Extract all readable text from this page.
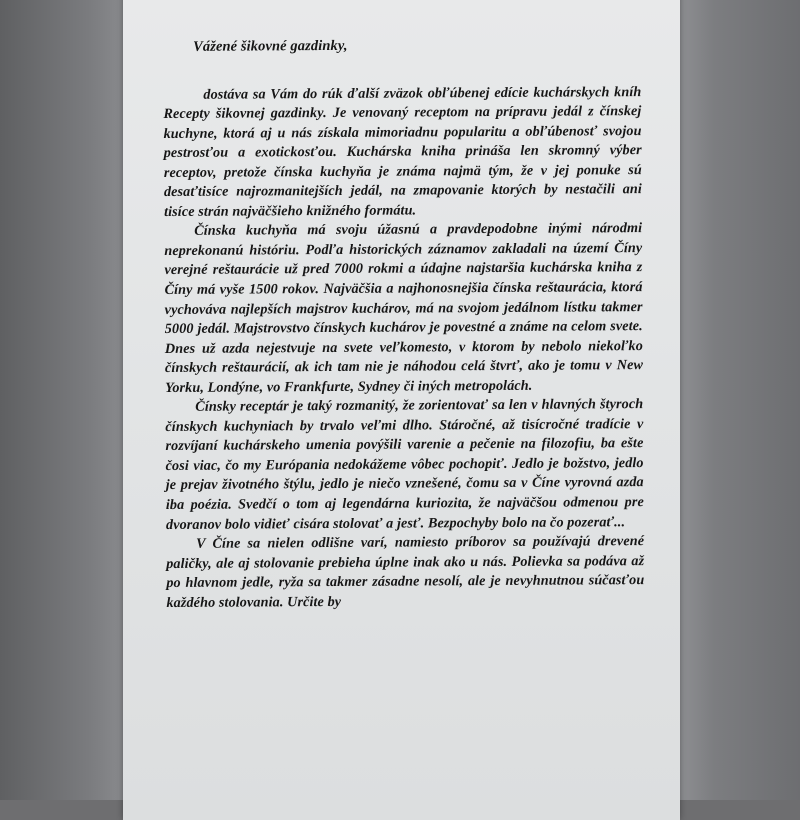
Vážené šikovné gazdinky,

dostáva sa Vám do rúk ďalší zväzok obľúbenej edície kuchárskych kníh Recepty šikovnej gazdinky. Je venovaný receptom na prípravu jedál z čínskej kuchyne, ktorá aj u nás získala mimoriadnu popularitu a obľúbenosť svojou pestrosťou a exotickosťou. Kuchárska kniha prináša len skromný výber receptov, pretože čínska kuchyňa je známa najmä tým, že v jej ponuke sú desaťtisíce najrozmanitejších jedál, na zmapovanie ktorých by nestačili ani tisíce strán najväčšieho knižného formátu.

Čínska kuchyňa má svoju úžasnú a pravdepodobne inými národmi neprekonanú históriu. Podľa historických záznamov zakladali na území Číny verejné reštaurácie už pred 7000 rokmi a údajne najstaršia kuchárska kniha z Číny má vyše 1500 rokov. Najväčšia a najhonosnejšia čínska reštaurácia, ktorá vychováva najlepších majstrov kuchárov, má na svojom jedálnom lístku takmer 5000 jedál. Majstrovstvo čínskych kuchárov je povestné a známe na celom svete. Dnes už azda nejestvuje na svete veľkomesto, v ktorom by nebolo niekoľko čínskych reštaurácií, ak ich tam nie je náhodou celá štvrť, ako je tomu v New Yorku, Londýne, vo Frankfurte, Sydney či iných metropolách.

Čínsky receptár je taký rozmanitý, že zorientovať sa len v hlavných štyroch čínskych kuchyniach by trvalo veľmi dlho. Stáročné, až tisícročné tradície v rozvíjaní kuchárskeho umenia povýšili varenie a pečenie na filozofiu, ba ešte čosi viac, čo my Európania nedokážeme vôbec pochopiť. Jedlo je božstvo, jedlo je prejav životného štýlu, jedlo je niečo vznešené, čomu sa v Číne vyrovná azda iba poézia. Svedčí o tom aj legendárna kuriozita, že najväčšou odmenou pre dvoranov bolo vidieť cisára stolovať a jesť. Bezpochyby bolo na čo pozerať...

V Číne sa nielen odlišne varí, namiesto príborov sa používajú drevené paličky, ale aj stolovanie prebieha úplne inak ako u nás. Polievka sa podáva až po hlavnom jedle, ryža sa takmer zásadne nesolí, ale je nevyhnutnou súčasťou každého stolovania. Určite by
